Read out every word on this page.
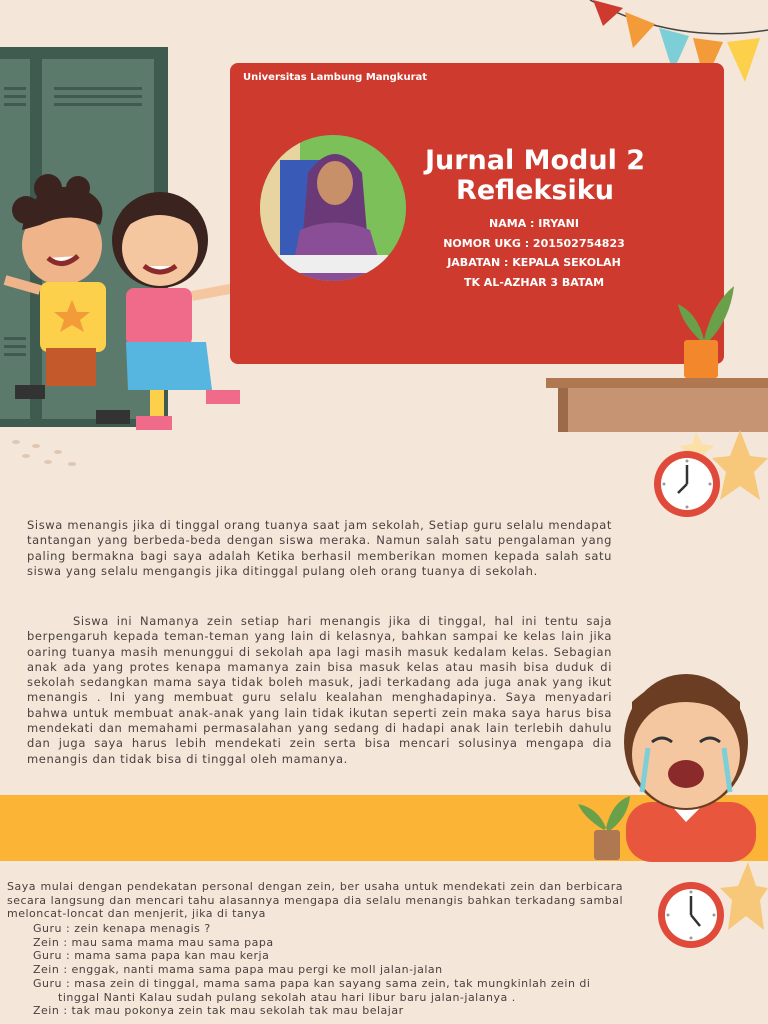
Universitas Lambung Mangkurat
Jurnal Modul 2
Refleksiku
NAMA : IRYANI
NOMOR UKG : 201502754823
JABATAN : KEPALA SEKOLAH
TK AL-AZHAR 3 BATAM
Siswa menangis jika di tinggal orang tuanya saat jam sekolah, Setiap guru selalu mendapat tantangan yang berbeda-beda dengan siswa meraka. Namun salah satu pengalaman yang paling bermakna bagi saya adalah Ketika berhasil memberikan momen kepada salah satu siswa yang selalu mengangis jika ditinggal pulang oleh orang tuanya di sekolah.
Siswa ini Namanya zein setiap hari menangis jika di tinggal, hal ini tentu saja berpengaruh kepada teman-teman yang lain di kelasnya, bahkan sampai ke kelas lain jika oaring tuanya masih menunggui di sekolah apa lagi masih masuk kedalam kelas. Sebagian anak ada yang protes kenapa mamanya zain bisa masuk kelas atau masih bisa duduk di sekolah sedangkan mama saya tidak boleh masuk, jadi terkadang ada juga anak yang ikut menangis . Ini yang membuat guru selalu kealahan menghadapinya. Saya menyadari bahwa untuk membuat anak-anak yang lain tidak ikutan seperti zein maka saya harus bisa mendekati dan memahami permasalahan yang sedang di hadapi anak lain terlebih dahulu dan juga saya harus lebih mendekati zein serta bisa mencari solusinya mengapa dia menangis dan tidak bisa di tinggal oleh mamanya.
Saya mulai dengan pendekatan personal dengan zein, ber usaha untuk mendekati zein dan berbicara secara langsung dan mencari tahu alasannya mengapa dia selalu menangis bahkan terkadang sambal meloncat-loncat dan menjerit, jika di tanya
Guru : zein kenapa menagis ?
Zein : mau sama mama mau sama papa
Guru : mama sama papa kan mau kerja
Zein : enggak, nanti mama sama papa mau pergi ke moll jalan-jalan
Guru : masa zein di tinggal, mama sama papa kan sayang sama zein, tak mungkinlah zein di
tinggal Nanti Kalau sudah pulang sekolah atau hari libur baru jalan-jalanya .
Zein : tak mau pokonya zein tak mau sekolah tak mau belajar
